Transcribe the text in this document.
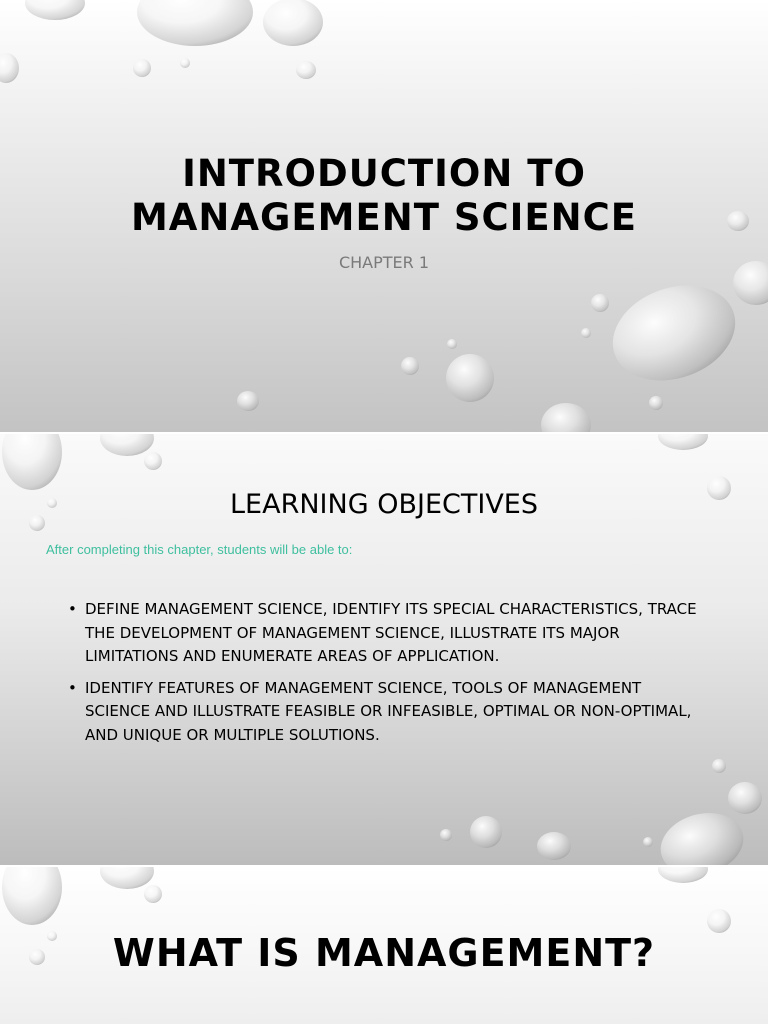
INTRODUCTION TO
MANAGEMENT SCIENCE
CHAPTER 1
LEARNING OBJECTIVES
After completing this chapter, students will be able to:
• DEFINE MANAGEMENT SCIENCE, IDENTIFY ITS SPECIAL CHARACTERISTICS, TRACE THE DEVELOPMENT OF MANAGEMENT SCIENCE, ILLUSTRATE ITS MAJOR LIMITATIONS AND ENUMERATE AREAS OF APPLICATION.
• IDENTIFY FEATURES OF MANAGEMENT SCIENCE, TOOLS OF MANAGEMENT SCIENCE AND ILLUSTRATE FEASIBLE OR INFEASIBLE, OPTIMAL OR NON-OPTIMAL, AND UNIQUE OR MULTIPLE SOLUTIONS.
WHAT IS MANAGEMENT?
